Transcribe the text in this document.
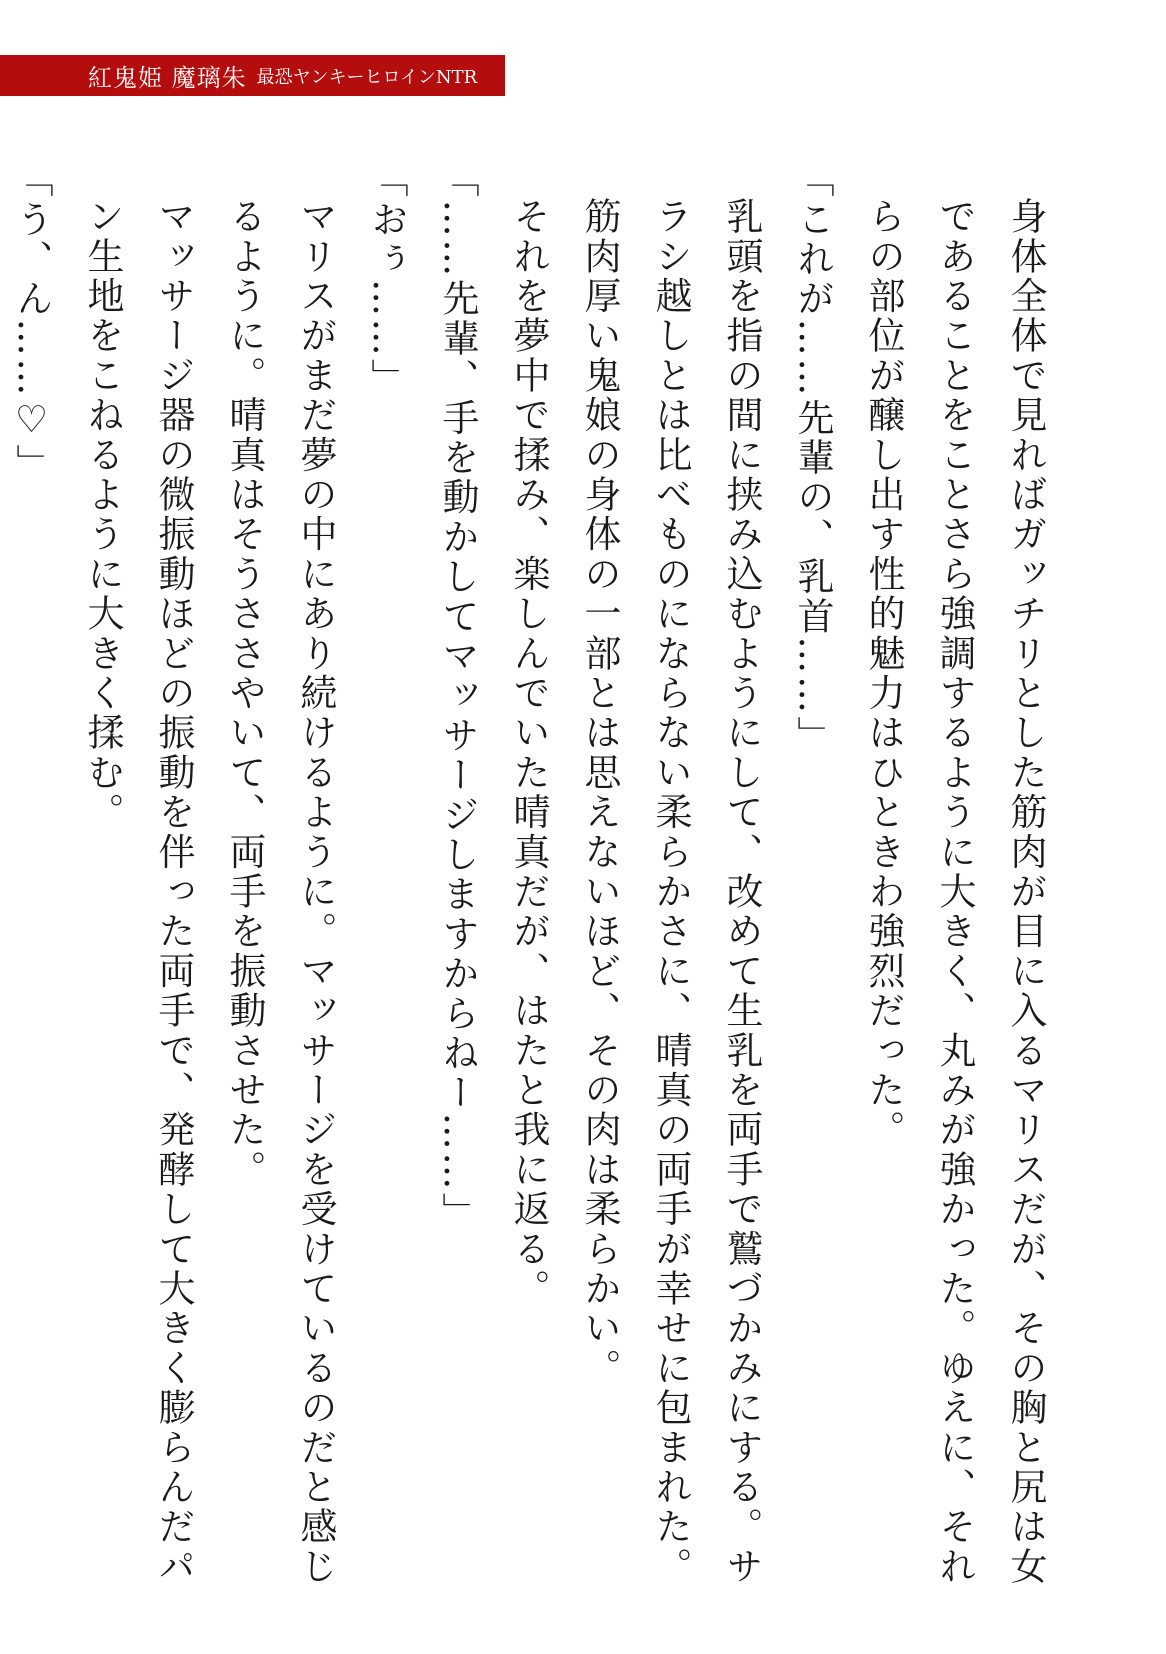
紅鬼姫 魔璃朱 最恐ヤンキーヒロインNTR

身体全体で見ればガッチリとした筋肉が目に入るマリスだが、その胸と尻は女であることをことさら強調するように大きく、丸みが強かった。ゆえに、それらの部位が醸し出す性的魅力はひときわ強烈だった。

「これが……先輩の、乳首……」

乳頭を指の間に挟み込むようにして、改めて生乳を両手で鷲づかみにする。サラシ越しとは比べものにならない柔らかさに、晴真の両手が幸せに包まれた。筋肉厚い鬼娘の身体の一部とは思えないほど、その肉は柔らかい。

それを夢中で揉み、楽しんでいた晴真だが、はたと我に返る。

「……先輩、手を動かしてマッサージしますからねー……」

「おぅ……」

マリスがまだ夢の中にあり続けるように。マッサージを受けているのだと感じるように。晴真はそうささやいて、両手を振動させた。

マッサージ器の微振動ほどの振動を伴った両手で、発酵して大きく膨らんだパン生地をこねるように大きく揉む。

「う、ん……♡」
